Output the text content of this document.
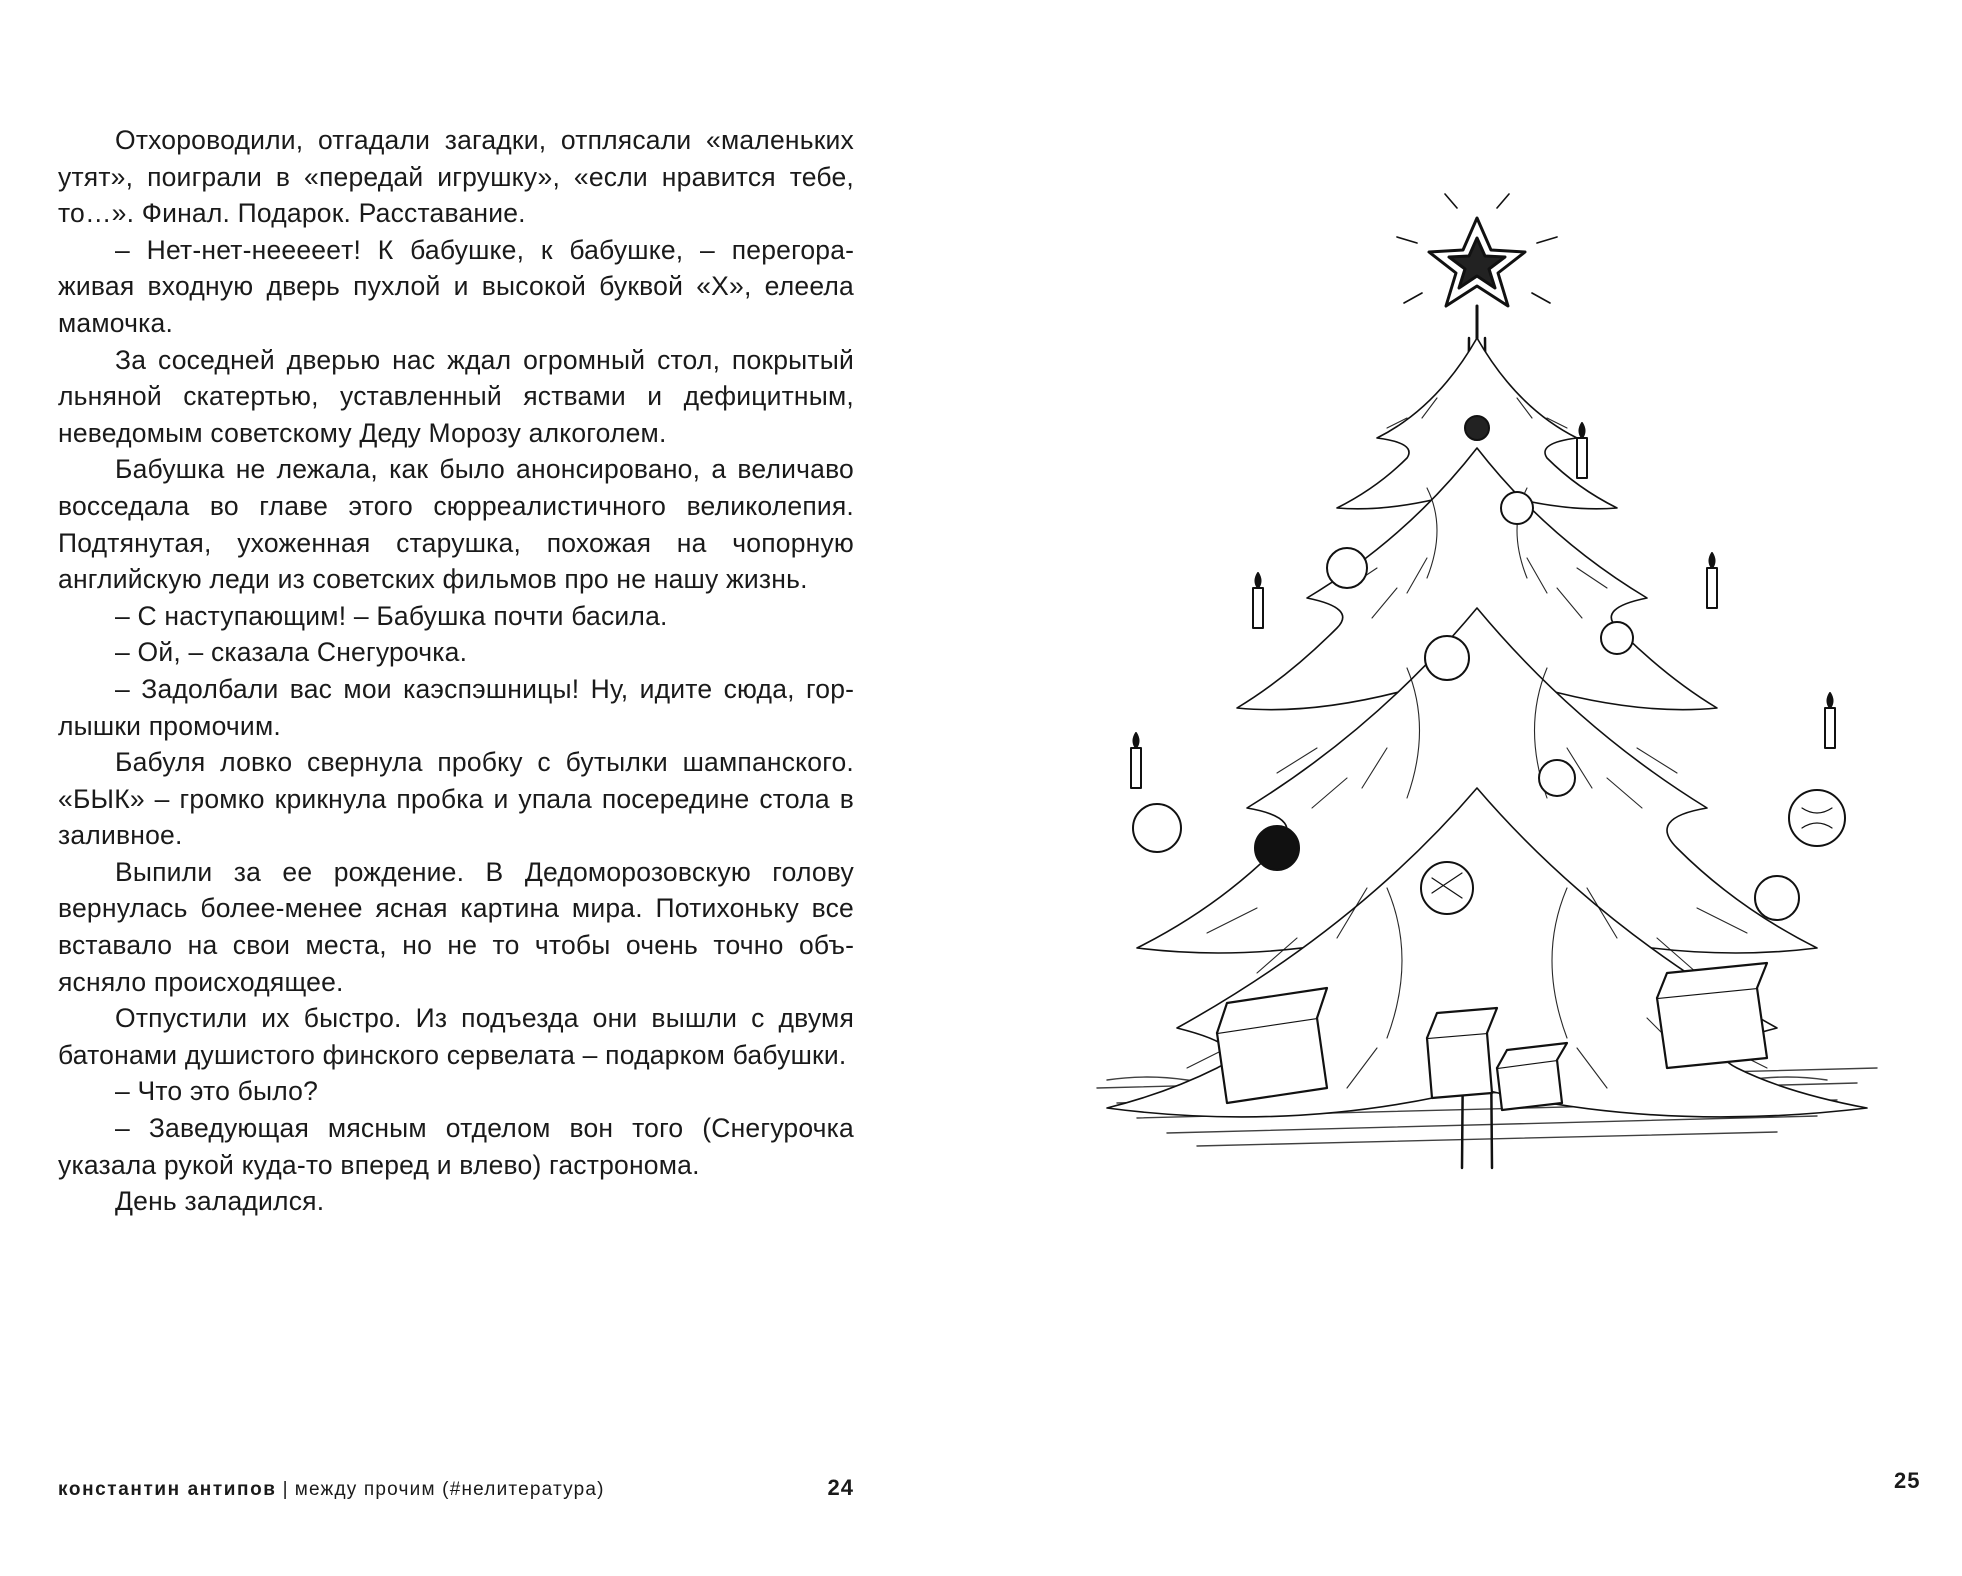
Отхороводили, отгадали загадки, отплясали «маленьких утят», поиграли в «передай игрушку», «если нравится тебе, то…». Финал. Подарок. Расставание.

– Нет-нет-неееeeт! К бабушке, к бабушке, – перегораживая входную дверь пухлой и высокой буквой «Х», елеела мамочка.

За соседней дверью нас ждал огромный стол, покрытый льняной скатертью, уставленный яствами и дефицитным, неведомым советскому Деду Морозу алкоголем.

Бабушка не лежала, как было анонсировано, а величаво восседала во главе этого сюрреалистичного великолепия. Подтянутая, ухоженная старушка, похожая на чопорную английскую леди из советских фильмов про не нашу жизнь.

– С наступающим! – Бабушка почти басила.

– Ой, – сказала Снегурочка.

– Задолбали вас мои каэспэшницы! Ну, идите сюда, горлышки промочим.

Бабуля ловко свернула пробку с бутылки шампанского. «БЫК» – громко крикнула пробка и упала посередине стола в заливное.

Выпили за ее рождение. В Дедоморозовскую голову вернулась более-менее ясная картина мира. Потихоньку все вставало на свои места, но не то чтобы очень точно объясняло происходящее.

Отпустили их быстро. Из подъезда они вышли с двумя батонами душистого финского сервелата – подарком бабушки.

– Что это было?

– Заведующая мясным отделом вон того (Снегурочка указала рукой куда-то вперед и влево) гастронома.

День заладился.

константин антипов | между прочим (#нелитература)	24	25
